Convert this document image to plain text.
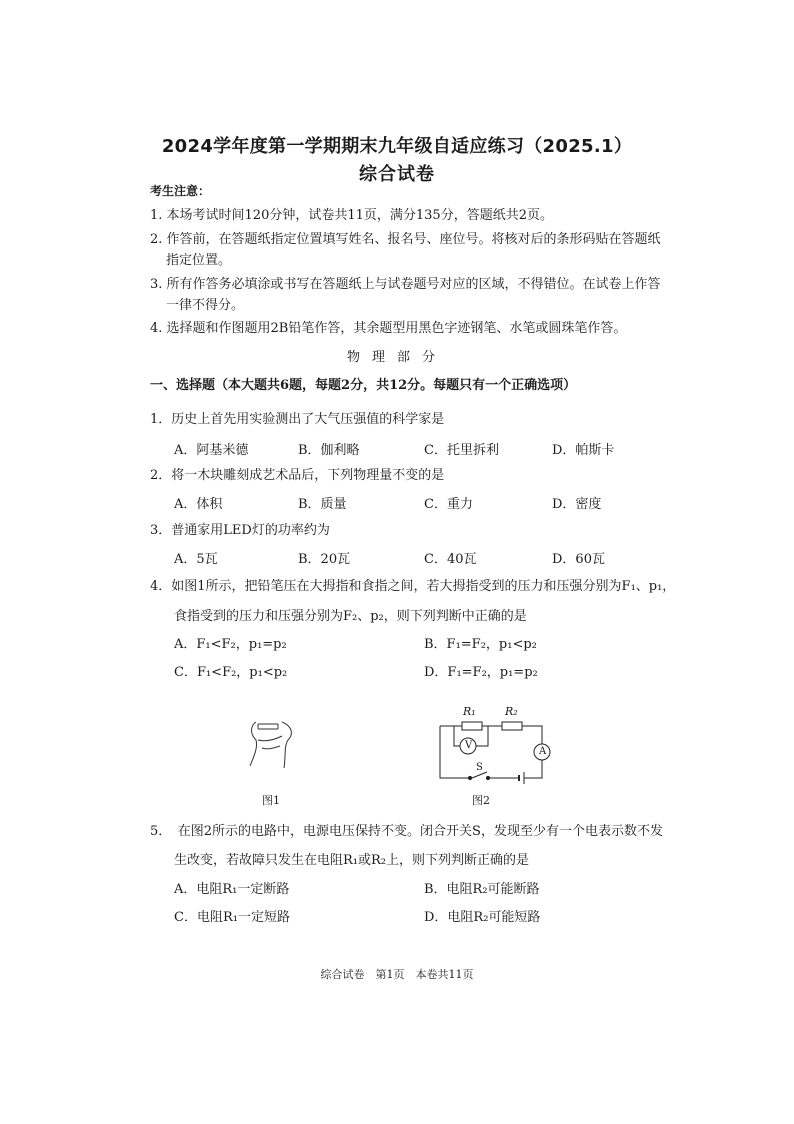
2024学年度第一学期期末九年级自适应练习（2025.1）
综合试卷
考生注意：
1. 本场考试时间120分钟，试卷共11页，满分135分，答题纸共2页。
2. 作答前，在答题纸指定位置填写姓名、报名号、座位号。将核对后的条形码贴在答题纸
指定位置。
3. 所有作答务必填涂或书写在答题纸上与试卷题号对应的区域，不得错位。在试卷上作答
一律不得分。
4. 选择题和作图题用2B铅笔作答，其余题型用黑色字迹钢笔、水笔或圆珠笔作答。
物理部分
一、选择题（本大题共6题，每题2分，共12分。每题只有一个正确选项）
1．历史上首先用实验测出了大气压强值的科学家是
A．阿基米德	B．伽利略	C．托里拆利	D．帕斯卡
2．将一木块雕刻成艺术品后，下列物理量不变的是
A．体积	B．质量	C．重力	D．密度
3．普通家用LED灯的功率约为
A．5瓦	B．20瓦	C．40瓦	D．60瓦
4．如图1所示，把铅笔压在大拇指和食指之间，若大拇指受到的压力和压强分别为F₁、p₁，
食指受到的压力和压强分别为F₂、p₂，则下列判断中正确的是
A．F₁<F₂，p₁=p₂	B．F₁=F₂，p₁<p₂
C．F₁<F₂，p₁<p₂	D．F₁=F₂，p₁=p₂
图1
R₁	R₂
V
A
S
图2
5．　在图2所示的电路中，电源电压保持不变。闭合开关S，发现至少有一个电表示数不发
生改变，若故障只发生在电阻R₁或R₂上，则下列判断正确的是
A．电阻R₁一定断路	B．电阻R₂可能断路
C．电阻R₁一定短路	D．电阻R₂可能短路
综合试卷　第1页　本卷共11页
